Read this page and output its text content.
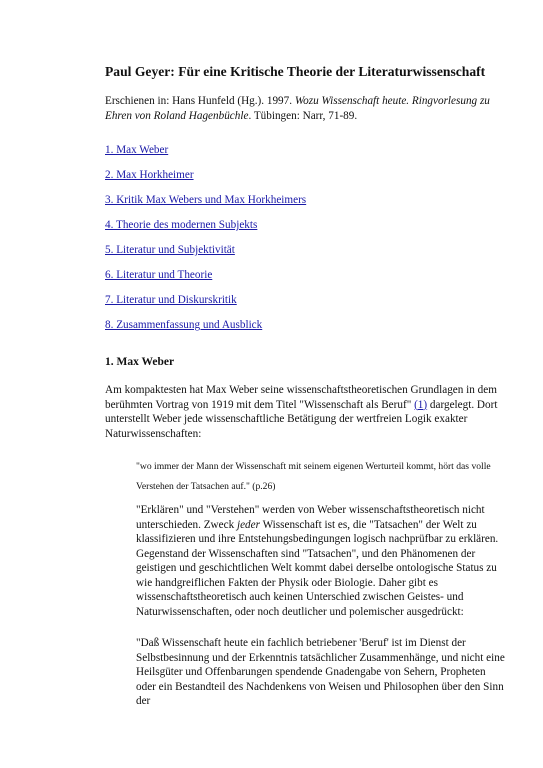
Paul Geyer: Für eine Kritische Theorie der Literaturwissenschaft
Erschienen in: Hans Hunfeld (Hg.). 1997. Wozu Wissenschaft heute. Ringvorlesung zu Ehren von Roland Hagenbüchle. Tübingen: Narr, 71-89.
1. Max Weber
2. Max Horkheimer
3. Kritik Max Webers und Max Horkheimers
4. Theorie des modernen Subjekts
5. Literatur und Subjektivität
6. Literatur und Theorie
7. Literatur und Diskurskritik
8. Zusammenfassung und Ausblick
1. Max Weber
Am kompaktesten hat Max Weber seine wissenschaftstheoretischen Grundlagen in dem berühmten Vortrag von 1919 mit dem Titel "Wissenschaft als Beruf" (1) dargelegt. Dort unterstellt Weber jede wissenschaftliche Betätigung der wertfreien Logik exakter Naturwissenschaften:
"wo immer der Mann der Wissenschaft mit seinem eigenen Werturteil kommt, hört das volle Verstehen der Tatsachen auf." (p.26)
"Erklären" und "Verstehen" werden von Weber wissenschaftstheoretisch nicht unterschieden. Zweck jeder Wissenschaft ist es, die "Tatsachen" der Welt zu klassifizieren und ihre Entstehungsbedingungen logisch nachprüfbar zu erklären. Gegenstand der Wissenschaften sind "Tatsachen", und den Phänomenen der geistigen und geschichtlichen Welt kommt dabei derselbe ontologische Status zu wie handgreiflichen Fakten der Physik oder Biologie. Daher gibt es wissenschaftstheoretisch auch keinen Unterschied zwischen Geistes- und Naturwissenschaften, oder noch deutlicher und polemischer ausgedrückt:
"Daß Wissenschaft heute ein fachlich betriebener 'Beruf' ist im Dienst der Selbstbesinnung und der Erkenntnis tatsächlicher Zusammenhänge, und nicht eine Heilsgüter und Offenbarungen spendende Gnadengabe von Sehern, Propheten oder ein Bestandteil des Nachdenkens von Weisen und Philosophen über den Sinn der
